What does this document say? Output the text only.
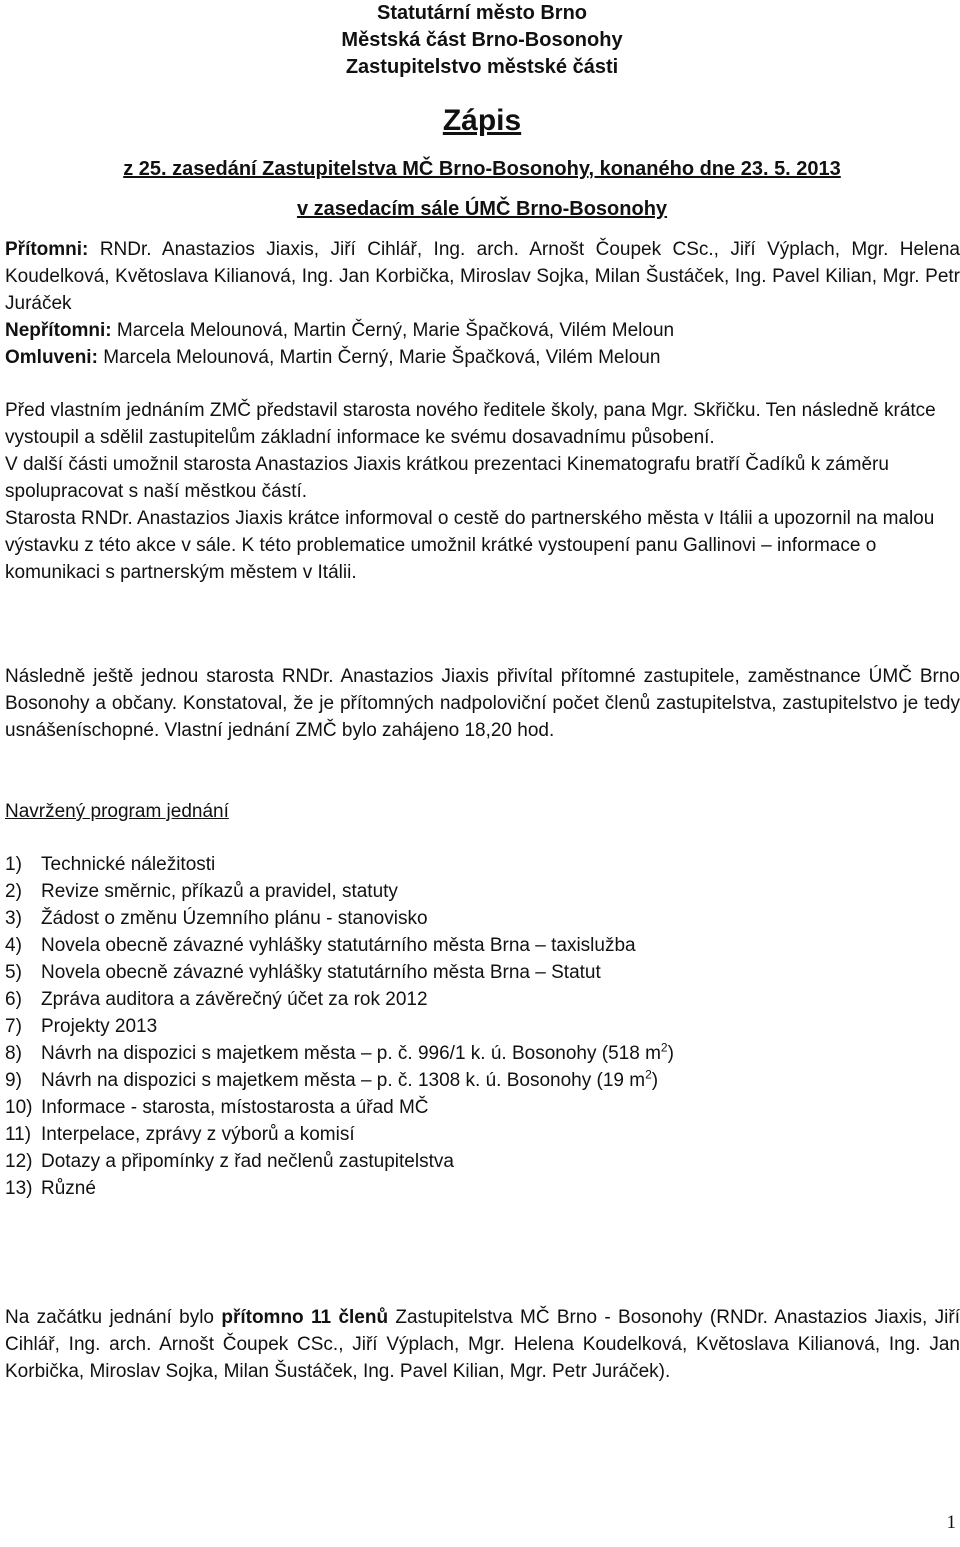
Statutární město Brno
Městská část Brno-Bosonohy
Zastupitelstvo městské části
Zápis
z 25. zasedání Zastupitelstva MČ Brno-Bosonohy, konaného dne 23. 5. 2013
v zasedacím sále ÚMČ Brno-Bosonohy
Přítomni: RNDr. Anastazios Jiaxis, Jiří Cihlář, Ing. arch. Arnošt Čoupek CSc., Jiří Výplach, Mgr. Helena Koudelková, Květoslava Kilianová, Ing. Jan Korbička, Miroslav Sojka, Milan Šustáček, Ing. Pavel Kilian, Mgr. Petr Juráček
Nepřítomni: Marcela Melounová, Martin Černý, Marie Špačková, Vilém Meloun
Omluveni: Marcela Melounová, Martin Černý, Marie Špačková, Vilém Meloun
Před vlastním jednáním ZMČ představil starosta nového ředitele školy, pana Mgr. Skřičku. Ten následně krátce vystoupil a sdělil zastupitelům základní informace ke svému dosavadnímu působení.
V další části umožnil starosta Anastazios Jiaxis krátkou prezentaci Kinematografu bratří Čadíků k záměru spolupracovat s naší městkou částí.
Starosta RNDr. Anastazios Jiaxis krátce informoval o cestě do partnerského města v Itálii a upozornil na malou výstavku z této akce v sále. K této problematice umožnil krátké vystoupení panu Gallinovi – informace o komunikaci s partnerským městem v Itálii.
Následně ještě jednou starosta RNDr. Anastazios Jiaxis přivítal přítomné zastupitele, zaměstnance ÚMČ Brno Bosonohy a občany. Konstatoval, že je přítomných nadpoloviční počet členů zastupitelstva, zastupitelstvo je tedy usnášeníschopné. Vlastní jednání ZMČ bylo zahájeno 18,20 hod.
Navržený program jednání
1)	Technické náležitosti
2)	Revize směrnic, příkazů a pravidel, statuty
3)	Žádost o změnu Územního plánu - stanovisko
4)	Novela obecně závazné vyhlášky statutárního města Brna – taxislužba
5)	Novela obecně závazné vyhlášky statutárního města Brna – Statut
6)	Zpráva auditora a závěrečný účet za rok 2012
7)	Projekty 2013
8)	Návrh na dispozici s majetkem města – p. č. 996/1 k. ú. Bosonohy (518 $m^2$)
9)	Návrh na dispozici s majetkem města – p. č. 1308 k. ú. Bosonohy (19 $m^2$)
10) Informace - starosta, místostarosta a úřad MČ
11) Interpelace, zprávy z výborů a komisí
12) Dotazy a připomínky z řad nečlenů zastupitelstva
13) Různé
Na začátku jednání bylo přítomno 11 členů Zastupitelstva MČ Brno - Bosonohy (RNDr. Anastazios Jiaxis, Jiří Cihlář, Ing. arch. Arnošt Čoupek CSc., Jiří Výplach, Mgr. Helena Koudelková, Květoslava Kilianová, Ing. Jan Korbička, Miroslav Sojka, Milan Šustáček, Ing. Pavel Kilian, Mgr. Petr Juráček).
1
